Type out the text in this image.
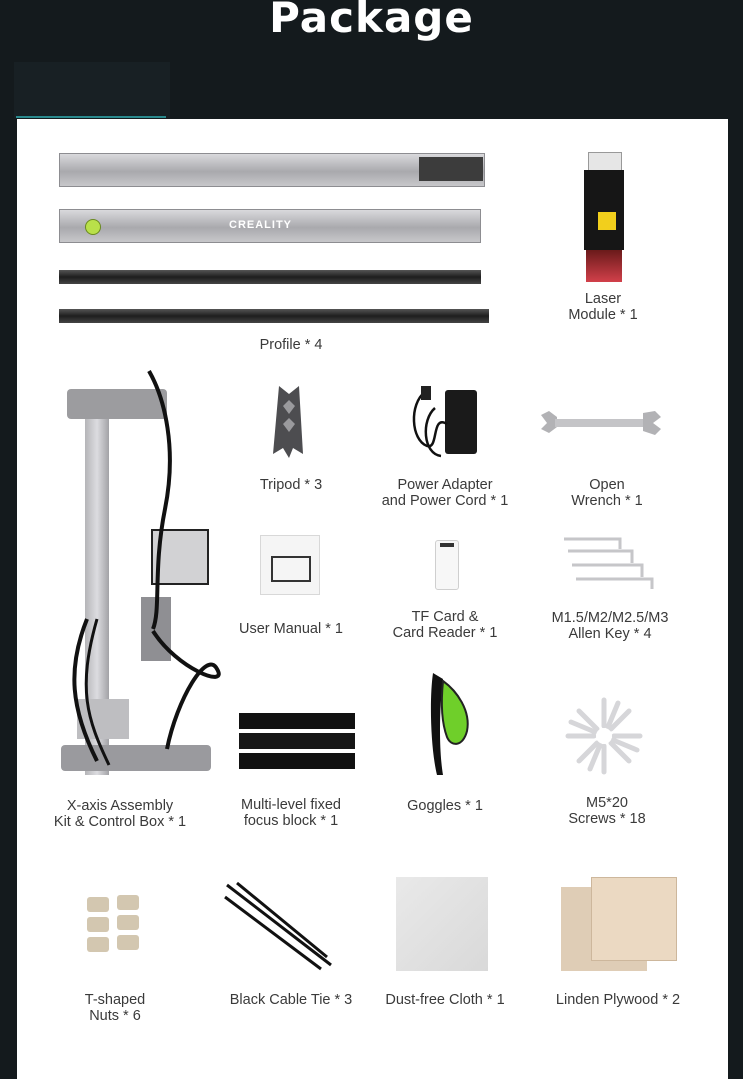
Package
CREALITY
Profile * 4
Laser
Module * 1
X-axis Assembly
Kit & Control Box * 1
Tripod * 3	Power Adapter
and Power Cord * 1
Open
Wrench * 1
User Manual * 1
TF Card &
Card Reader * 1
M1.5/M2/M2.5/M3
Allen Key * 4
Multi-level fixed
focus block * 1
Goggles * 1	M5*20
Screws * 18
T-shaped
Nuts * 6
Black Cable Tie * 3	Dust-free Cloth * 1	Linden Plywood * 2
